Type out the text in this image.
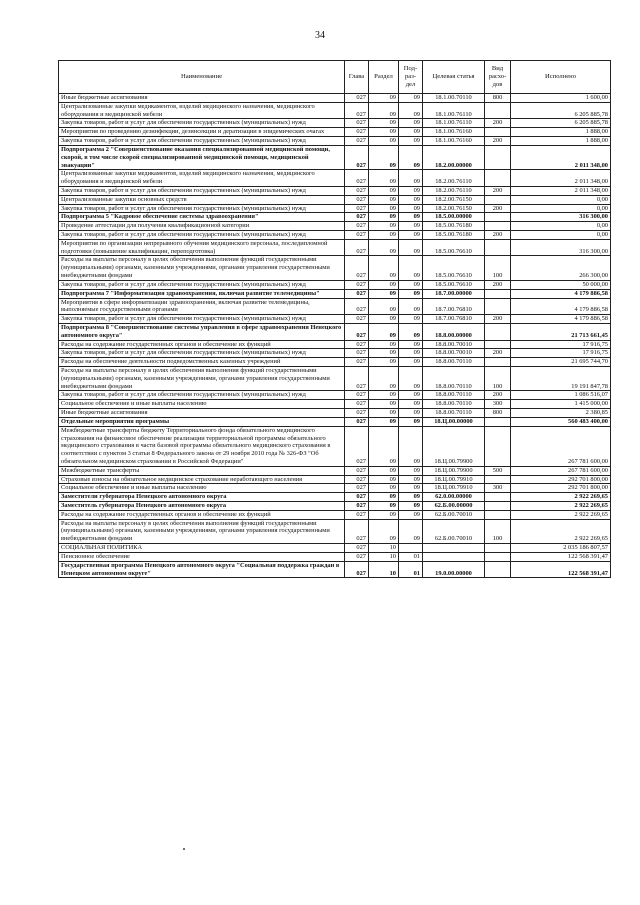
34
Наименование	Глава	Раздел	Под-
раз-
дел	Целевая статья	Вид
расхо-
дов	Исполнено
Иные бюджетные ассигнования	027	09	09	18.1.00.70110	800	1 600,00
Централизованные закупки медикаментов, изделий медицинского назначения, медицинского оборудования и медицинской мебели	027	09	09	18.1.00.76110		6 205 885,78
Закупка товаров, работ и услуг для обеспечения государственных (муниципальных) нужд	027	09	09	18.1.00.76110	200	6 205 885,78
Мероприятия по проведению дезинфекции, дезинсекции и дератизации в эпидемических очагах	027	09	09	18.1.00.76160		1 888,00
Закупка товаров, работ и услуг для обеспечения государственных (муниципальных) нужд	027	09	09	18.1.00.76160	200	1 888,00
Подпрограмма 2 "Совершенствование оказания специализированной медицинской помощи, скорой, в том числе скорой специализированной медицинской помощи, медицинской эвакуации"	027	09	09	18.2.00.00000		2 011 348,00
Централизованные закупки медикаментов, изделий медицинского назначения, медицинского оборудования и медицинской мебели	027	09	09	18.2.00.76110		2 011 348,00
Закупка товаров, работ и услуг для обеспечения государственных (муниципальных) нужд	027	09	09	18.2.00.76110	200	2 011 348,00
Централизованные закупки основных средств	027	09	09	18.2.00.76150		0,00
Закупка товаров, работ и услуг для обеспечения государственных (муниципальных) нужд	027	09	09	18.2.00.76150	200	0,00
Подпрограмма 5 "Кадровое обеспечение системы здравоохранения"	027	09	09	18.5.00.00000		316 300,00
Проведение аттестации для получения квалификационной категории	027	09	09	18.5.00.76180		0,00
Закупка товаров, работ и услуг для обеспечения государственных (муниципальных) нужд	027	09	09	18.5.00.76180	200	0,00
Мероприятия по организации непрерывного обучения медицинского персонала, последипломной подготовки (повышение квалификации, переподготовка)	027	09	09	18.5.00.76610		316 300,00
Расходы на выплаты персоналу в целях обеспечения выполнения функций государственными (муниципальными) органами, казенными учреждениями, органами управления государственными внебюджетными фондами	027	09	09	18.5.00.76610	100	266 300,00
Закупка товаров, работ и услуг для обеспечения государственных (муниципальных) нужд	027	09	09	18.5.00.76610	200	50 000,00
Подпрограмма 7 "Информатизация здравоохранения, включая развитие телемедицины"	027	09	09	18.7.00.00000		4 179 886,58
Мероприятия в сфере информатизации здравоохранения, включая развитие телемедицины, выполняемые государственными органами	027	09	09	18.7.00.76810		4 179 886,58
Закупка товаров, работ и услуг для обеспечения государственных (муниципальных) нужд	027	09	09	18.7.00.76810	200	4 179 886,58
Подпрограмма 8 "Совершенствование системы управления в сфере здравоохранения Ненецкого автономного округа"	027	09	09	18.8.00.00000		21 713 661,45
Расходы на содержание государственных органов и обеспечение их функций	027	09	09	18.8.00.70010		17 916,75
Закупка товаров, работ и услуг для обеспечения государственных (муниципальных) нужд	027	09	09	18.8.00.70010	200	17 916,75
Расходы на обеспечение деятельности подведомственных казенных учреждений	027	09	09	18.8.00.70110		21 695 744,70
Расходы на выплаты персоналу в целях обеспечения выполнения функций государственными (муниципальными) органами, казенными учреждениями, органами управления государственными внебюджетными фондами	027	09	09	18.8.00.70110	100	19 191 847,78
Закупка товаров, работ и услуг для обеспечения государственных (муниципальных) нужд	027	09	09	18.8.00.70110	200	1 086 516,07
Социальное обеспечение и иные выплаты населению	027	09	09	18.8.00.70110	300	1 415 000,00
Иные бюджетные ассигнования	027	09	09	18.8.00.70110	800	2 380,85
Отдельные мероприятия программы	027	09	09	18.Ц.00.00000		560 483 400,00
Межбюджетные трансферты бюджету Территориального фонда обязательного медицинского страхования на финансовое обеспечение реализации территориальной программы обязательного медицинского страхования в части базовой программы обязательного медицинского страхования в соответствии с пунктом 3 статьи 8 Федерального закона от 29 ноября 2010 года № 326-ФЗ "Об обязательном медицинском страховании в Российской Федерации"	027	09	09	18.Ц.00.79900		267 781 600,00
Межбюджетные трансферты	027	09	09	18.Ц.00.79900	500	267 781 600,00
Страховые взносы на обязательное медицинское страхование неработающего населения	027	09	09	18.Ц.00.79910		292 701 800,00
Социальное обеспечение и иные выплаты населению	027	09	09	18.Ц.00.79910	300	292 701 800,00
Заместители губернатора Ненецкого автономного округа	027	09	09	62.0.00.00000		2 922 269,65
Заместитель губернатора Ненецкого автономного округа	027	09	09	62.Б.00.00000		2 922 269,65
Расходы на содержание государственных органов и обеспечение их функций	027	09	09	62.Б.00.70010		2 922 269,65
Расходы на выплаты персоналу в целях обеспечения выполнения функций государственными (муниципальными) органами, казенными учреждениями, органами управления государственными внебюджетными фондами	027	09	09	62.Б.00.70010	100	2 922 269,65
СОЦИАЛЬНАЯ ПОЛИТИКА	027	10				2 035 186 807,57
Пенсионное обеспечение	027	10	01			122 568 391,47
Государственная программа Ненецкого автономного округа "Социальная поддержка граждан в Ненецком автономном округе"	027	10	01	19.0.00.00000		122 568 391,47
